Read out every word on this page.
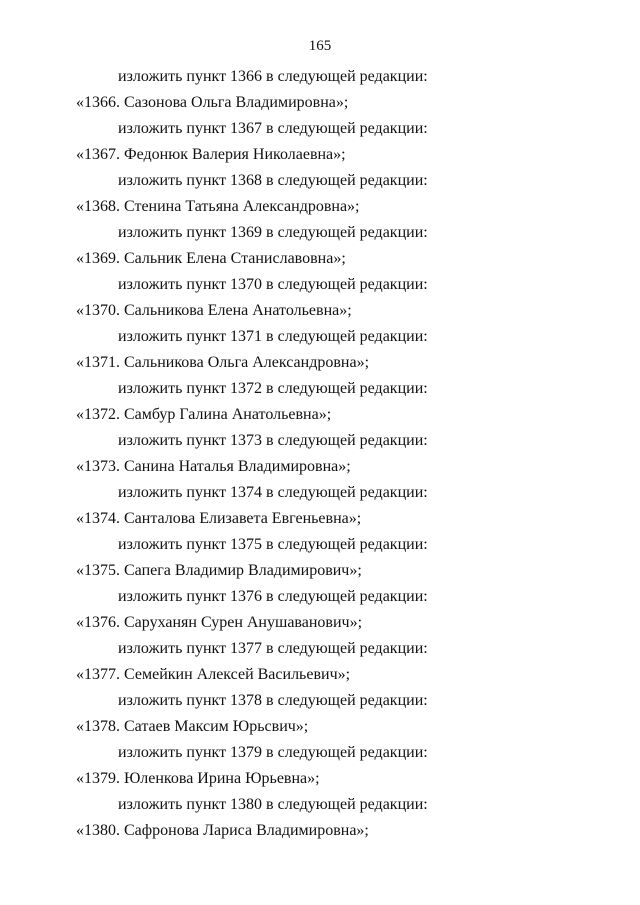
165
изложить пункт 1366 в следующей редакции:
«1366. Сазонова Ольга Владимировна»;
изложить пункт 1367 в следующей редакции:
«1367. Федонюк Валерия Николаевна»;
изложить пункт 1368 в следующей редакции:
«1368. Стенина Татьяна Александровна»;
изложить пункт 1369 в следующей редакции:
«1369. Сальник Елена Станиславовна»;
изложить пункт 1370 в следующей редакции:
«1370. Сальникова Елена Анатольевна»;
изложить пункт 1371 в следующей редакции:
«1371. Сальникова Ольга Александровна»;
изложить пункт 1372 в следующей редакции:
«1372. Самбур Галина Анатольевна»;
изложить пункт 1373 в следующей редакции:
«1373. Санина Наталья Владимировна»;
изложить пункт 1374 в следующей редакции:
«1374. Санталова Елизавета Евгеньевна»;
изложить пункт 1375 в следующей редакции:
«1375. Сапега Владимир Владимирович»;
изложить пункт 1376 в следующей редакции:
«1376. Саруханян Сурен Анушаванович»;
изложить пункт 1377 в следующей редакции:
«1377. Семейкин Алексей Васильевич»;
изложить пункт 1378 в следующей редакции:
«1378. Сатаев Максим Юрьсвич»;
изложить пункт 1379 в следующей редакции:
«1379. Юленкова Ирина Юрьевна»;
изложить пункт 1380 в следующей редакции:
«1380. Сафронова Лариса Владимировна»;
